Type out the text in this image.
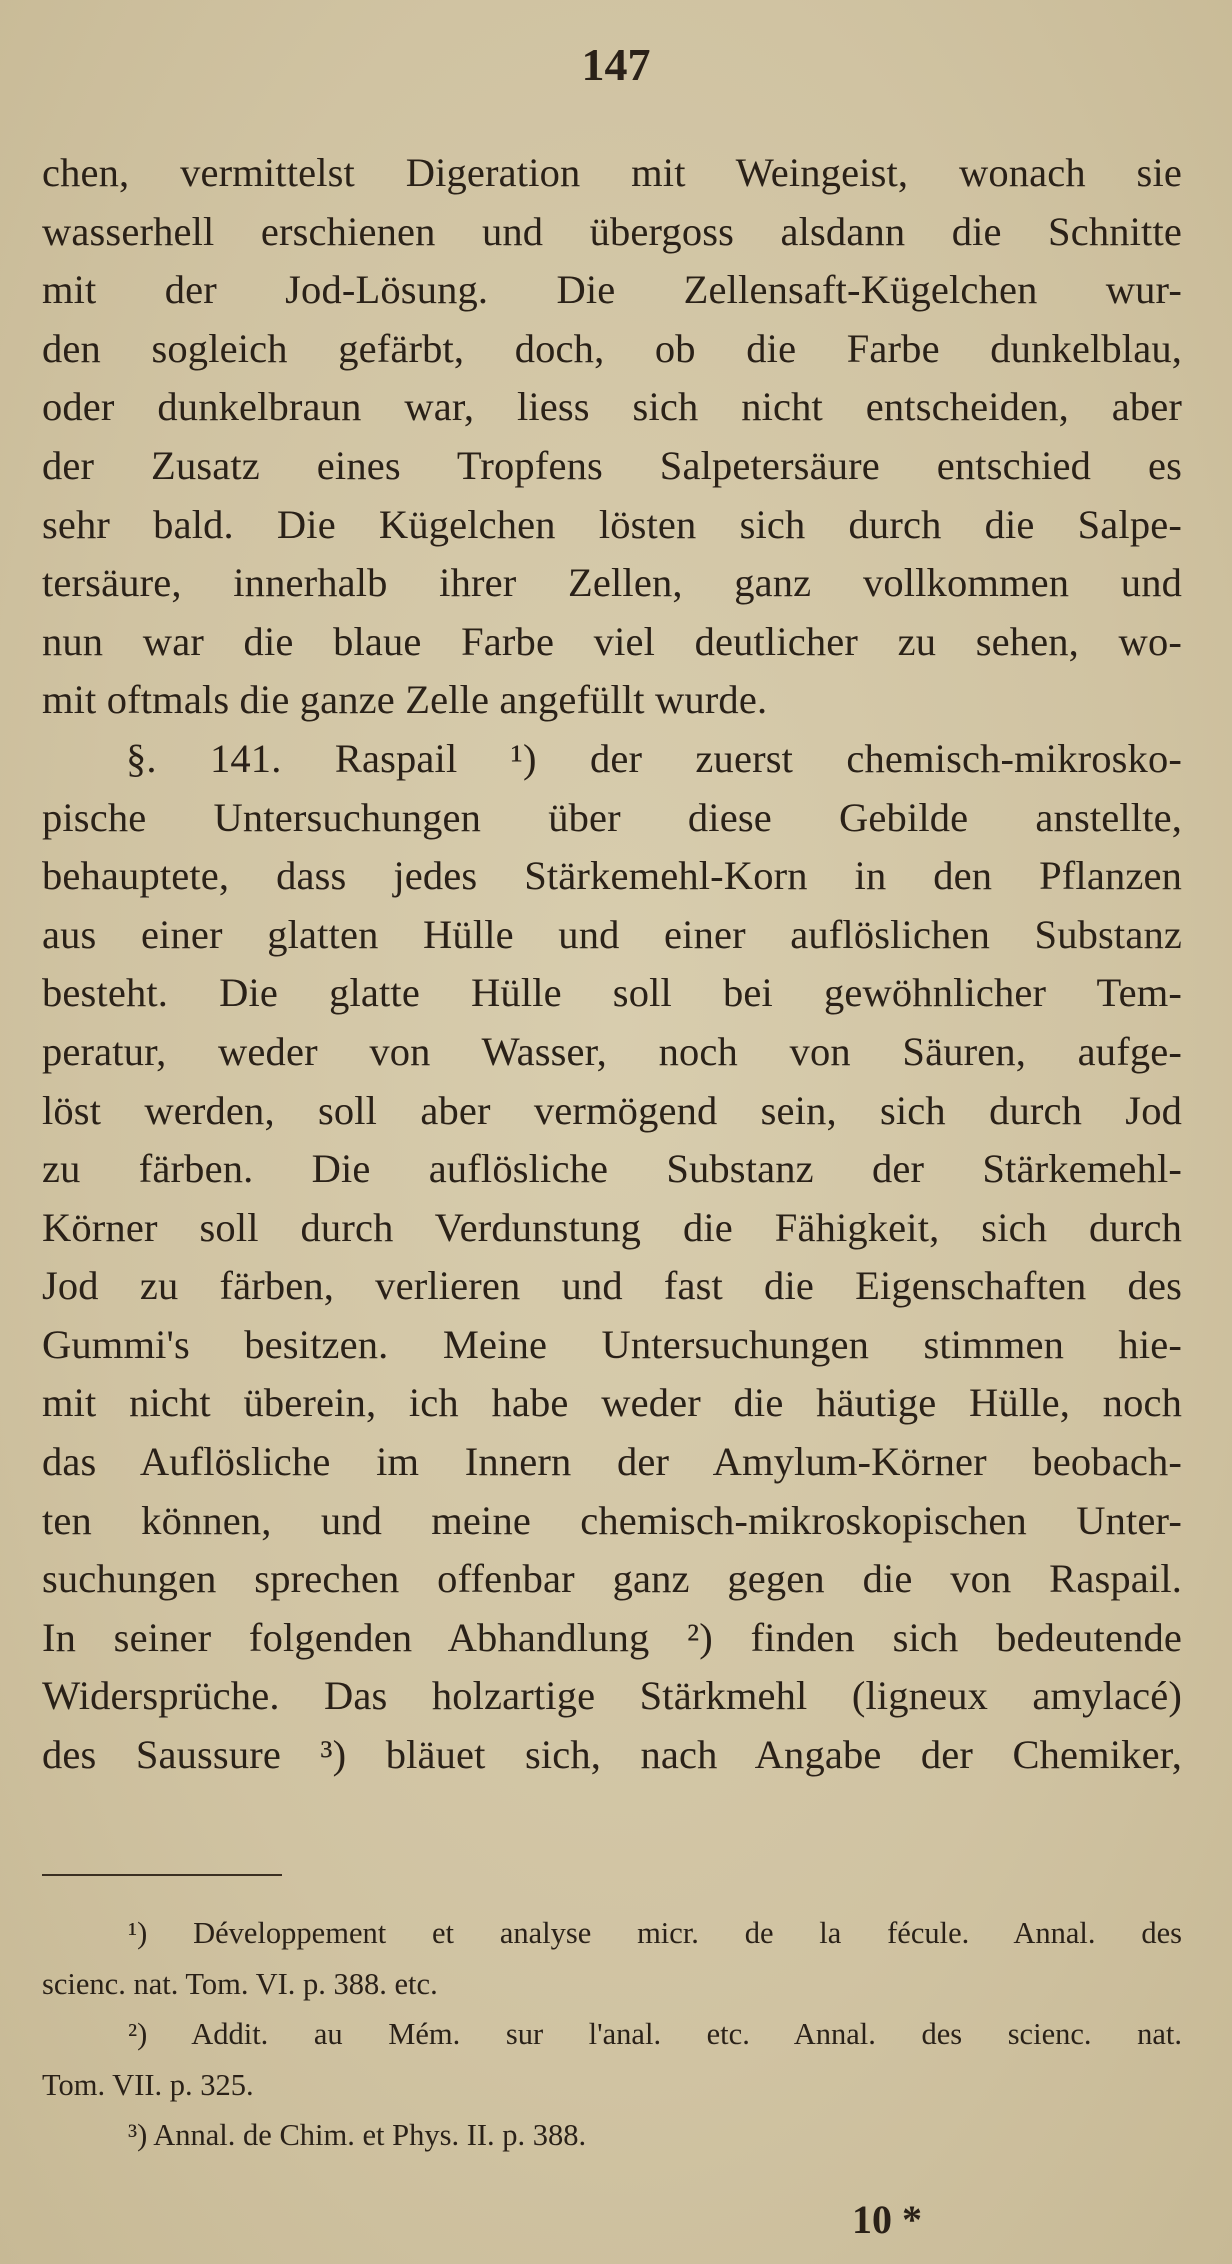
147
chen, vermittelst Digeration mit Weingeist, wonach sie
wasserhell erschienen und übergoss alsdann die Schnitte
mit der Jod-Lösung. Die Zellensaft-Kügelchen wur-
den sogleich gefärbt, doch, ob die Farbe dunkelblau,
oder dunkelbraun war, liess sich nicht entscheiden, aber
der Zusatz eines Tropfens Salpetersäure entschied es
sehr bald. Die Kügelchen lösten sich durch die Salpe-
tersäure, innerhalb ihrer Zellen, ganz vollkommen und
nun war die blaue Farbe viel deutlicher zu sehen, wo-
mit oftmals die ganze Zelle angefüllt wurde.
§. 141. Raspail ¹) der zuerst chemisch-mikrosko-
pische Untersuchungen über diese Gebilde anstellte,
behauptete, dass jedes Stärkemehl-Korn in den Pflanzen
aus einer glatten Hülle und einer auflöslichen Substanz
besteht. Die glatte Hülle soll bei gewöhnlicher Tem-
peratur, weder von Wasser, noch von Säuren, aufge-
löst werden, soll aber vermögend sein, sich durch Jod
zu färben. Die auflösliche Substanz der Stärkemehl-
Körner soll durch Verdunstung die Fähigkeit, sich durch
Jod zu färben, verlieren und fast die Eigenschaften des
Gummi's besitzen. Meine Untersuchungen stimmen hie-
mit nicht überein, ich habe weder die häutige Hülle, noch
das Auflösliche im Innern der Amylum-Körner beobach-
ten können, und meine chemisch-mikroskopischen Unter-
suchungen sprechen offenbar ganz gegen die von Raspail.
In seiner folgenden Abhandlung ²) finden sich bedeutende
Widersprüche. Das holzartige Stärkmehl (ligneux amylacé)
des Saussure ³) bläuet sich, nach Angabe der Chemiker,
¹) Développement et analyse micr. de la fécule. Annal. des
scienc. nat. Tom. VI. p. 388. etc.
²) Addit. au Mém. sur l'anal. etc. Annal. des scienc. nat.
Tom. VII. p. 325.
³) Annal. de Chim. et Phys. II. p. 388.
10 *
